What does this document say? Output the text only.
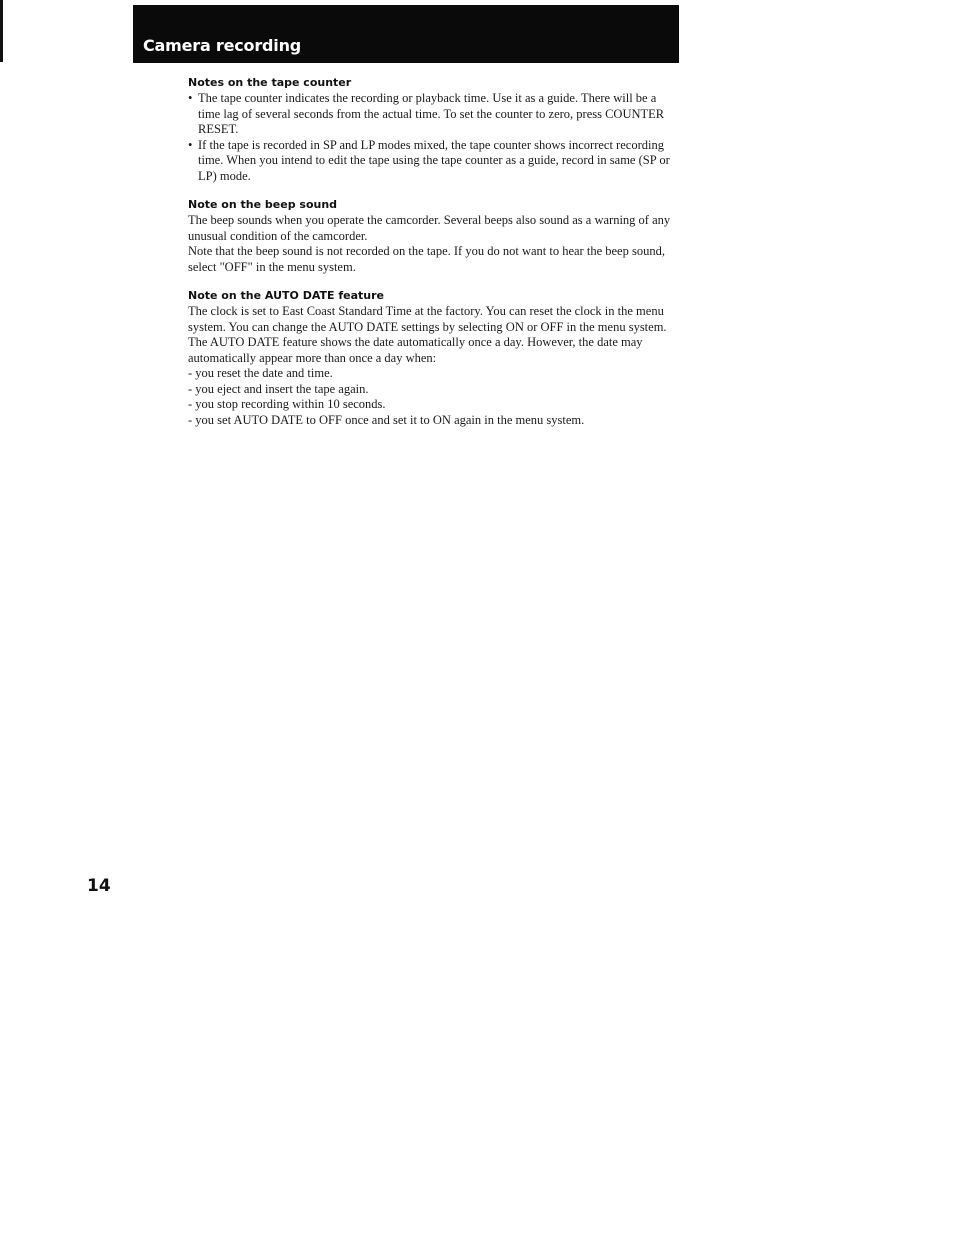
Camera recording
Notes on the tape counter
• The tape counter indicates the recording or playback time. Use it as a guide. There will be a time lag of several seconds from the actual time. To set the counter to zero, press COUNTER RESET.
• If the tape is recorded in SP and LP modes mixed, the tape counter shows incorrect recording time. When you intend to edit the tape using the tape counter as a guide, record in same (SP or LP) mode.
Note on the beep sound

The beep sounds when you operate the camcorder. Several beeps also sound as a warning of any unusual condition of the camcorder.

Note that the beep sound is not recorded on the tape. If you do not want to hear the beep sound, select "OFF" in the menu system.

Note on the AUTO DATE feature

The clock is set to East Coast Standard Time at the factory. You can reset the clock in the menu system. You can change the AUTO DATE settings by selecting ON or OFF in the menu system. The AUTO DATE feature shows the date automatically once a day. However, the date may automatically appear more than once a day when:

- you reset the date and time.
- you eject and insert the tape again.
- you stop recording within 10 seconds.
- you set AUTO DATE to OFF once and set it to ON again in the menu system.
14
